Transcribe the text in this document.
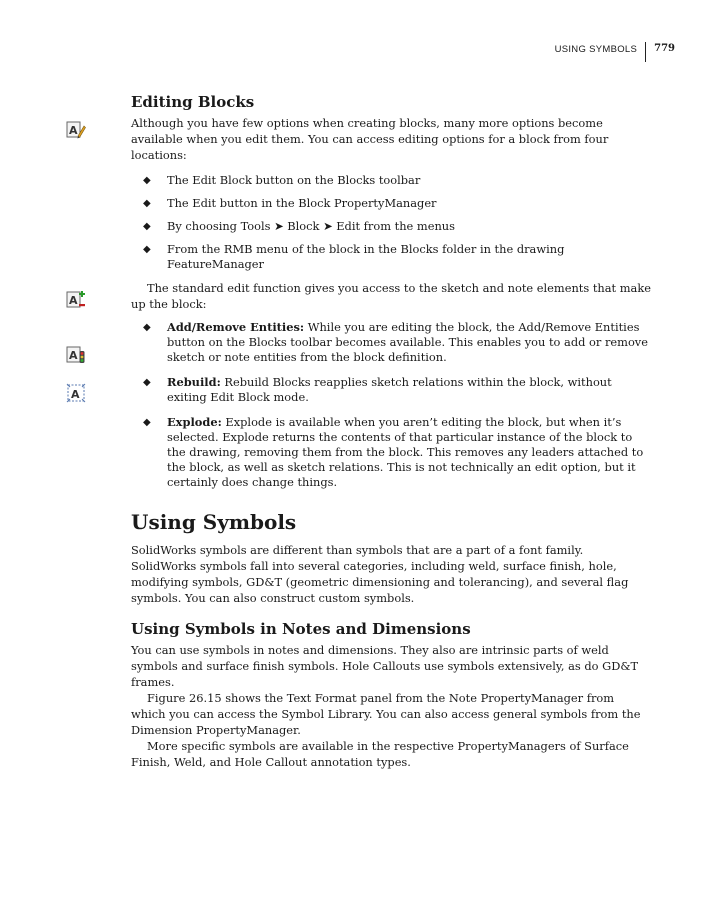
USING SYMBOLS 779
A
A
A
A
Editing Blocks

Although you have few options when creating blocks, many more options become available when you edit them. You can access editing options for a block from four locations:

◆ The Edit Block button on the Blocks toolbar
◆ The Edit button in the Block PropertyManager
◆ By choosing Tools ➤ Block ➤ Edit from the menus
◆ From the RMB menu of the block in the Blocks folder in the drawing FeatureManager

The standard edit function gives you access to the sketch and note elements that make up the block:

◆ Add/Remove Entities: While you are editing the block, the Add/Remove Entities button on the Blocks toolbar becomes available. This enables you to add or remove sketch or note entities from the block definition.
◆ Rebuild: Rebuild Blocks reapplies sketch relations within the block, without exiting Edit Block mode.
◆ Explode: Explode is available when you aren’t editing the block, but when it’s selected. Explode returns the contents of that particular instance of the block to the drawing, removing them from the block. This removes any leaders attached to the block, as well as sketch relations. This is not technically an edit option, but it certainly does change things.
Using Symbols

SolidWorks symbols are different than symbols that are a part of a font family. SolidWorks symbols fall into several categories, including weld, surface finish, hole, modifying symbols, GD&T (geometric dimensioning and tolerancing), and several flag symbols. You can also construct custom symbols.

Using Symbols in Notes and Dimensions

You can use symbols in notes and dimensions. They also are intrinsic parts of weld symbols and surface finish symbols. Hole Callouts use symbols extensively, as do GD&T frames.

Figure 26.15 shows the Text Format panel from the Note PropertyManager from which you can access the Symbol Library. You can also access general symbols from the Dimension PropertyManager.

More specific symbols are available in the respective PropertyManagers of Surface Finish, Weld, and Hole Callout annotation types.
